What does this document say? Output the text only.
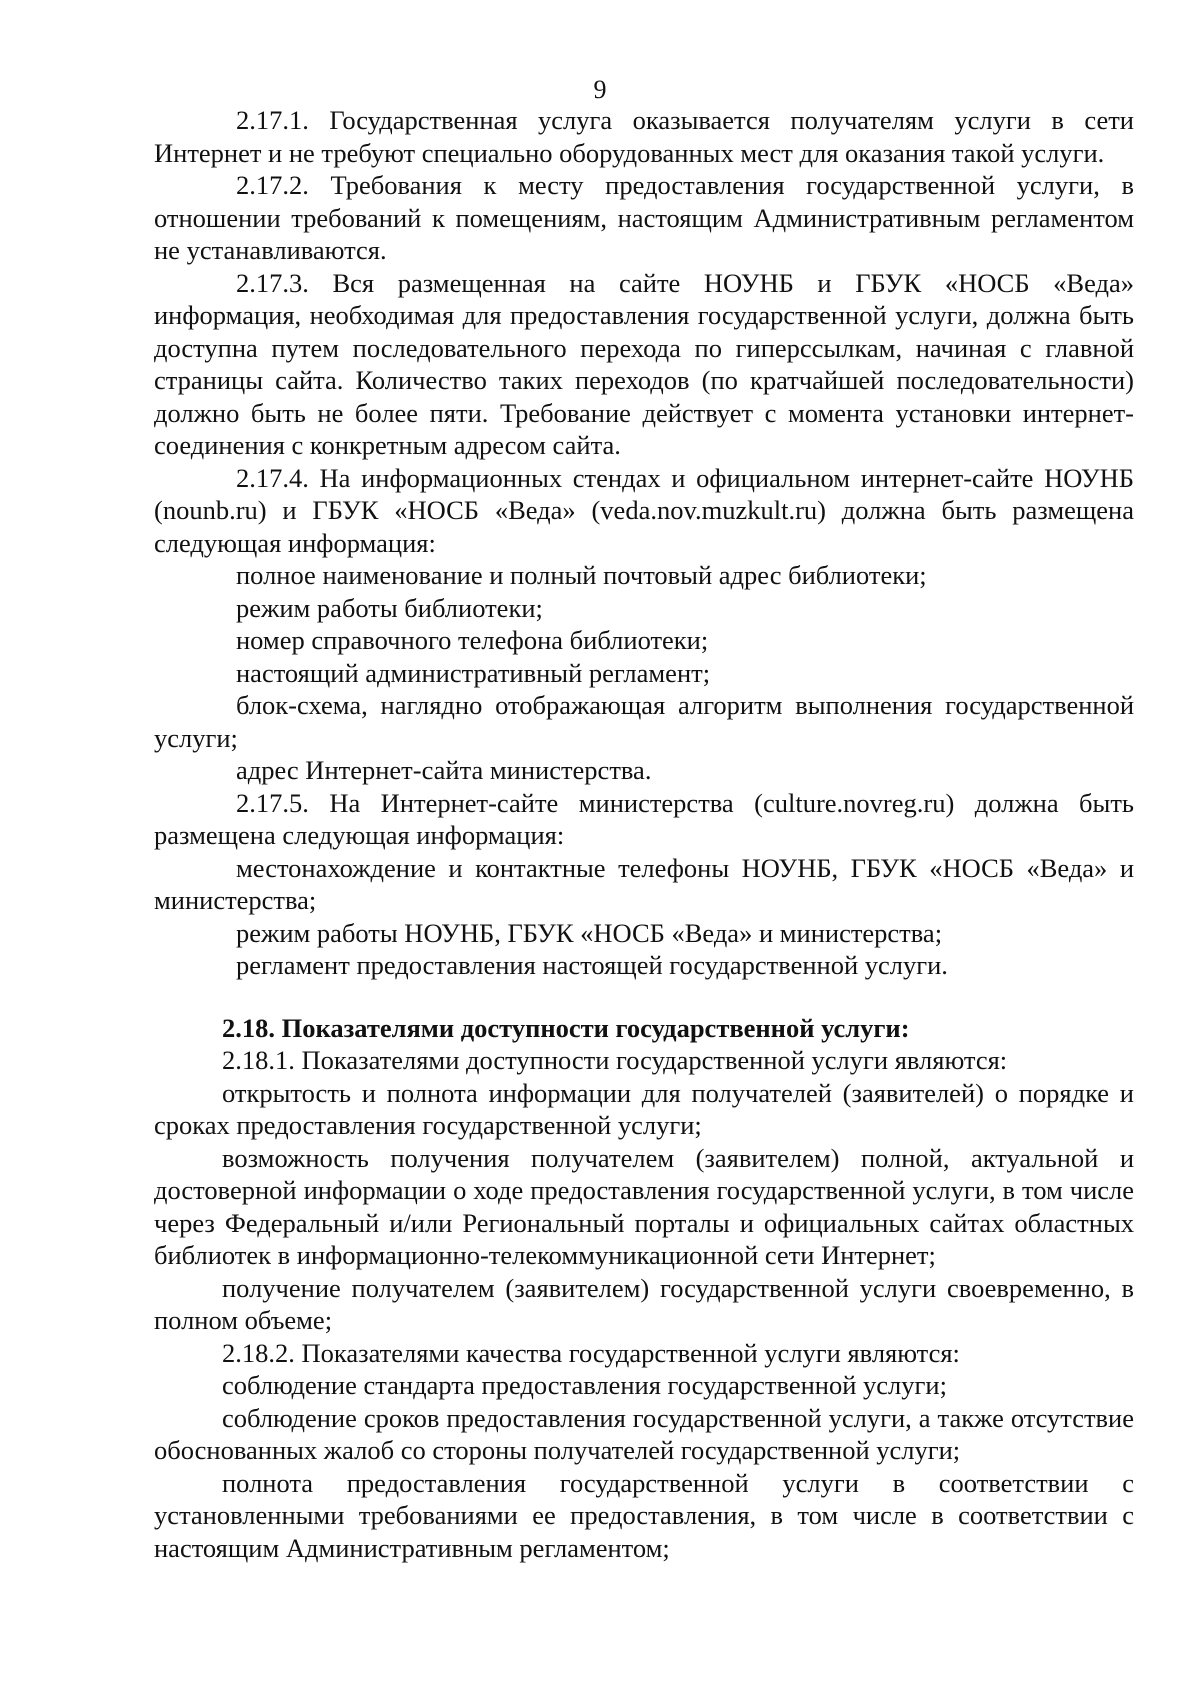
9

2.17.1. Государственная услуга оказывается получателям услуги в сети Интернет и не требуют специально оборудованных мест для оказания такой услуги.

2.17.2. Требования к месту предоставления государственной услуги, в отношении требований к помещениям, настоящим Административным регламентом не устанавливаются.

2.17.3. Вся размещенная на сайте НОУНБ и ГБУК «НОСБ «Веда» информация, необходимая для предоставления государственной услуги, должна быть доступна путем последовательного перехода по гиперссылкам, начиная с главной страницы сайта. Количество таких переходов (по кратчайшей последовательности) должно быть не более пяти. Требование действует с момента установки интернет-соединения с конкретным адресом сайта.

2.17.4. На информационных стендах и официальном интернет-сайте НОУНБ (nounb.ru) и ГБУК «НОСБ «Веда» (veda.nov.muzkult.ru) должна быть размещена следующая информация:

полное наименование и полный почтовый адрес библиотеки;

режим работы библиотеки;

номер справочного телефона библиотеки;

настоящий административный регламент;

блок-схема, наглядно отображающая алгоритм выполнения государственной услуги;

адрес Интернет-сайта министерства.

2.17.5. На Интернет-сайте министерства (culture.novreg.ru) должна быть размещена следующая информация:

местонахождение и контактные телефоны НОУНБ, ГБУК «НОСБ «Веда» и министерства;

режим работы НОУНБ, ГБУК «НОСБ «Веда» и министерства;

регламент предоставления настоящей государственной услуги.

2.18. Показателями доступности государственной услуги:

2.18.1. Показателями доступности государственной услуги являются:

открытость и полнота информации для получателей (заявителей) о порядке и сроках предоставления государственной услуги;

возможность получения получателем (заявителем) полной, актуальной и достоверной информации о ходе предоставления государственной услуги, в том числе через Федеральный и/или Региональный порталы и официальных сайтах областных библиотек в информационно-телекоммуникационной сети Интернет;

получение получателем (заявителем) государственной услуги своевременно, в полном объеме;

2.18.2. Показателями качества государственной услуги являются:

соблюдение стандарта предоставления государственной услуги;

соблюдение сроков предоставления государственной услуги, а также отсутствие обоснованных жалоб со стороны получателей государственной услуги;

полнота предоставления государственной услуги в соответствии с установленными требованиями ее предоставления, в том числе в соответствии с настоящим Административным регламентом;
